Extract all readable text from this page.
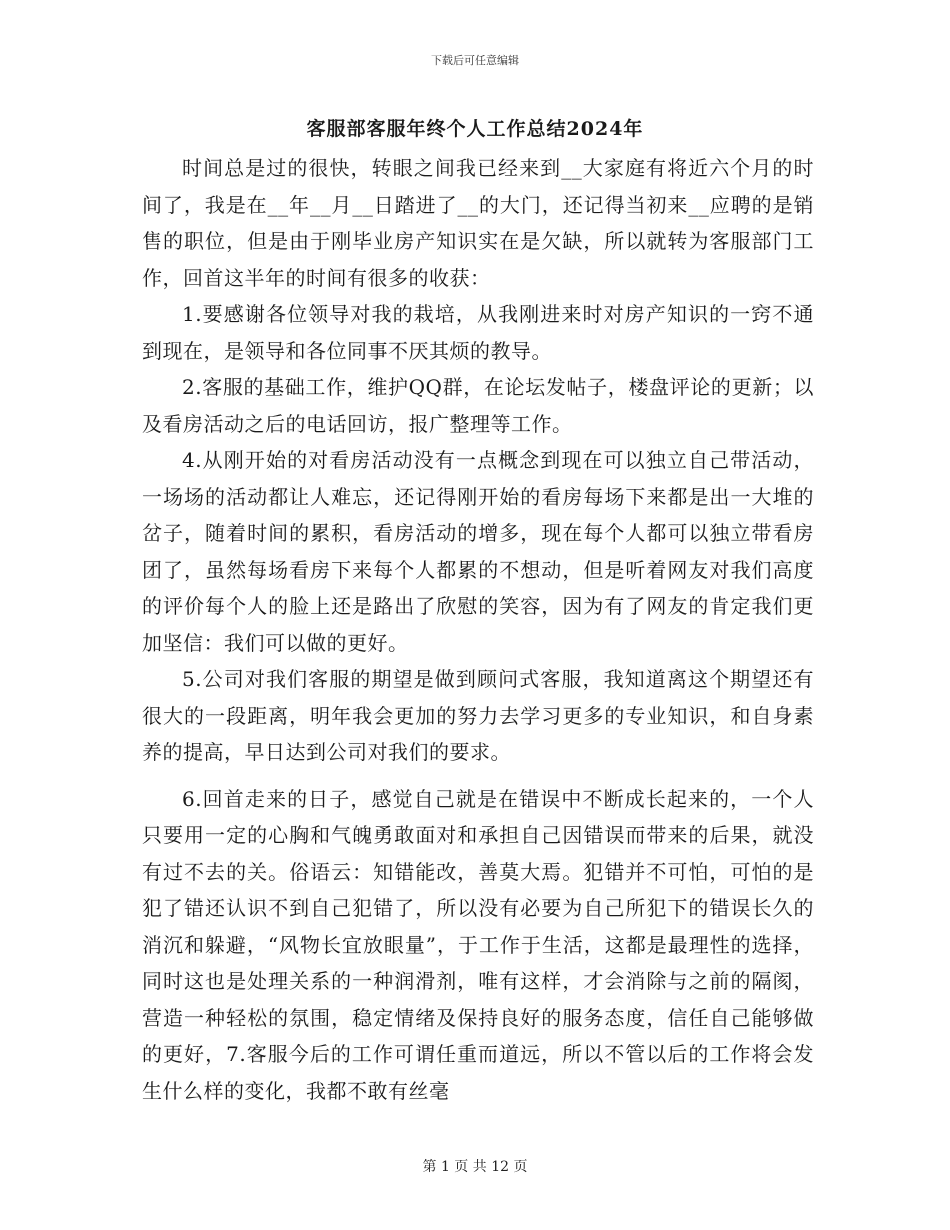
下载后可任意编辑
客服部客服年终个人工作总结2024年

时间总是过的很快，转眼之间我已经来到__大家庭有将近六个月的时间了，我是在__年__月__日踏进了__的大门，还记得当初来__应聘的是销售的职位，但是由于刚毕业房产知识实在是欠缺，所以就转为客服部门工作，回首这半年的时间有很多的收获：

1.要感谢各位领导对我的栽培，从我刚进来时对房产知识的一窍不通到现在，是领导和各位同事不厌其烦的教导。

2.客服的基础工作，维护QQ群，在论坛发帖子，楼盘评论的更新；以及看房活动之后的电话回访，报广整理等工作。

4.从刚开始的对看房活动没有一点概念到现在可以独立自己带活动，一场场的活动都让人难忘，还记得刚开始的看房每场下来都是出一大堆的岔子，随着时间的累积，看房活动的增多，现在每个人都可以独立带看房团了，虽然每场看房下来每个人都累的不想动，但是听着网友对我们高度的评价每个人的脸上还是路出了欣慰的笑容，因为有了网友的肯定我们更加坚信：我们可以做的更好。

5.公司对我们客服的期望是做到顾问式客服，我知道离这个期望还有很大的一段距离，明年我会更加的努力去学习更多的专业知识，和自身素养的提高，早日达到公司对我们的要求。

6.回首走来的日子，感觉自己就是在错误中不断成长起来的，一个人只要用一定的心胸和气魄勇敢面对和承担自己因错误而带来的后果，就没有过不去的关。俗语云：知错能改，善莫大焉。犯错并不可怕，可怕的是犯了错还认识不到自己犯错了，所以没有必要为自己所犯下的错误长久的消沉和躲避，“风物长宜放眼量”，于工作于生活，这都是最理性的选择，同时这也是处理关系的一种润滑剂，唯有这样，才会消除与之前的隔阂，营造一种轻松的氛围，稳定情绪及保持良好的服务态度，信任自己能够做的更好，7.客服今后的工作可谓任重而道远，所以不管以后的工作将会发生什么样的变化，我都不敢有丝毫

第 1 页 共 12 页
